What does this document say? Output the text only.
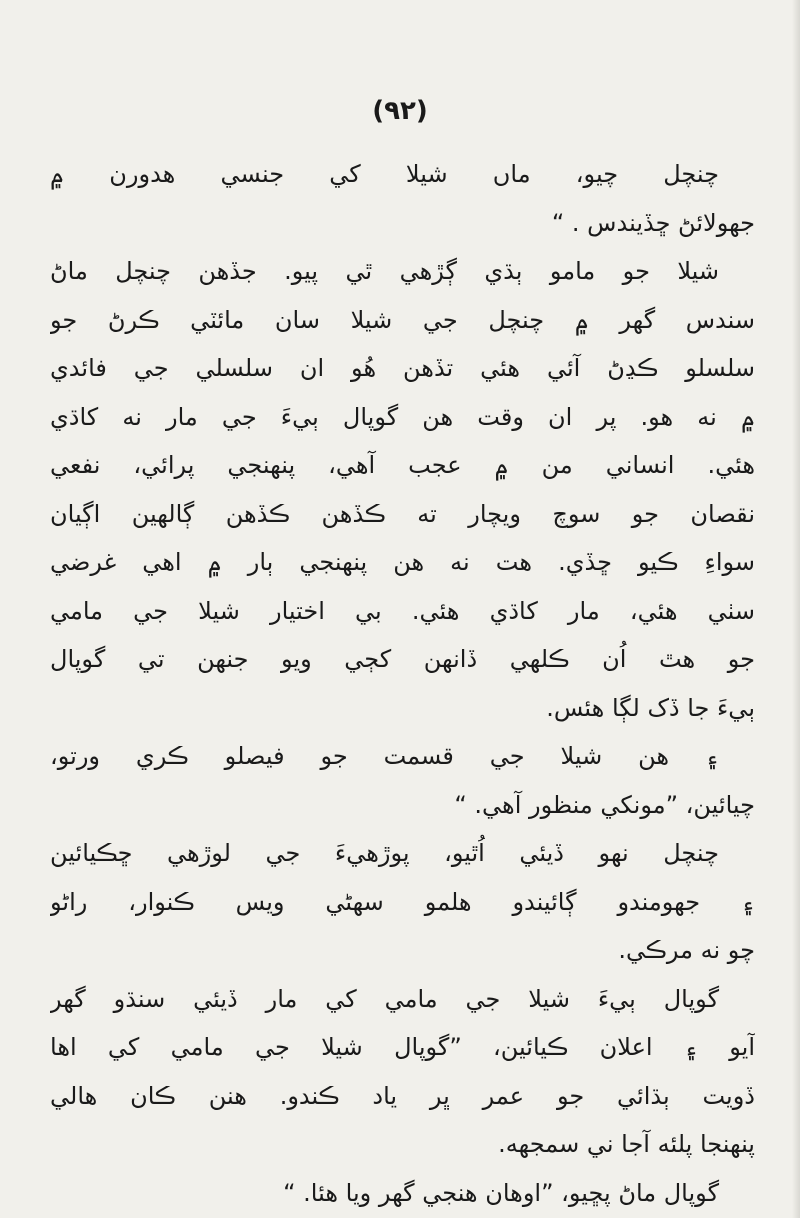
(۹۲)
چنچل چيو، ماں شيلا کي جنسي ھدورن ۾
جھولائڻ ڇڏيندس . “
شيلا جو مامو ٻڌي ڳڙھي ٿي پيو. جڏھن چنچل ماڻ
سندس گھر ۾ چنچل جي شيلا سان مائٽي ڪرڻ جو
سلسلو ڪڍڻ آئي ھئي تڏھن ھُو ان سلسلي جي فائدي
۾ نه ھو. پر ان وقت ھن گوپال ٻيءَ جي مار نه کاڌي
ھئي. انساني من ۾ عجب آھي، پنھنجي پرائي، نفعي
نقصان جو سوچ ويچار ته ڪڏھن ڪڏھن ڳالھين اڳيان
سواءِ ڪيو ڇڏي. ھت نه ھن پنھنجي ٻار ۾ اھي غرضي
سٺي ھئي، مار کاڌي ھئي. بي اختيار شيلا جي مامي
جو ھٿ اُن ڪلھي ڏانھن کڄي ويو جنھن تي گوپال
ٻيءَ جا ڏک لڳا ھئس.
۽ ھن شيلا جي قسمت جو فيصلو ڪري ورتو،
چيائين، ”مونکي منظور آھي. “
چنچل نھو ڏيئي اُٿيو، پوڙھيءَ جي لوڙھي ڇڪيائين
۽ جھومندو ڳائيندو ھلمو سھڻي ويس ڪنوار، راڻو
چو نه مرڪي.
گوپال ٻيءَ شيلا جي مامي کي مار ڏيئي سنڌو گھر
آيو ۽ اعلان ڪيائين، ”گوپال شيلا جي مامي کي اھا
ڏويت ٻڌائي جو عمر ڀر ياد ڪندو. ھنن ڪان ھالي
پنھنجا پلئه آجا ني سمجھه.
گوپال ماڻ پڇيو، ”اوھان ھنجي گھر ويا ھئا. “
